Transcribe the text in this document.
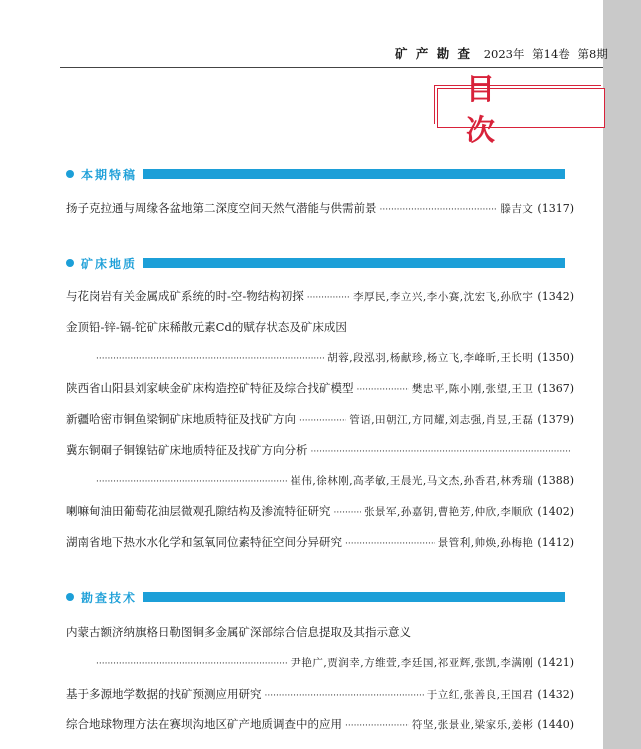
矿 产 勘 查 2023年 第14卷 第8期
目 次
本期特稿
扬子克拉通与周缘各盆地第二深度空间天然气潜能与供需前景 ·····	滕吉文 (1317)
矿床地质
与花岗岩有关金属成矿系统的时-空-物结构初探 ·····	李厚民,李立兴,李小赛,沈宏飞,孙欣宇 (1342)
金顶铅-锌-镉-铊矿床稀散元素Cd的赋存状态及矿床成因
·····
胡蓉,段泓羽,杨献珍,杨立飞,李峰昕,王长明 (1350)
陕西省山阳县刘家峡金矿床构造控矿特征及综合找矿模型 ·····	樊忠平,陈小刚,张望,王卫 (1367)
新疆哈密市铜鱼梁铜矿床地质特征及找矿方向 ·····	管语,田朝江,方同耀,刘志强,肖昱,王磊 (1379)
冀东铜硐子铜镍钴矿床地质特征及找矿方向分析
·····
·····
崔伟,徐林刚,高孝敏,王晨光,马文杰,孙香君,林秀瑞 (1388)
喇嘛甸油田葡萄花油层微观孔隙结构及渗流特征研究 ·····	张景军,孙嘉钥,曹艳芳,仲欣,李顺欣 (1402)
湖南省地下热水水化学和氢氧同位素特征空间分异研究 ·····	景管利,帅焕,孙梅艳 (1412)
勘查技术
内蒙古额济纳旗格日勒图铜多金属矿深部综合信息提取及其指示意义
·····
尹艳广,贾润幸,方维萱,李廷国,祁亚辉,张凯,李满刚 (1421)
基于多源地学数据的找矿预测应用研究 ·····	于立红,张善良,王国君 (1432)
综合地球物理方法在赛坝沟地区矿产地质调查中的应用 ·····	符坚,张景业,梁家乐,姜彬 (1440)
